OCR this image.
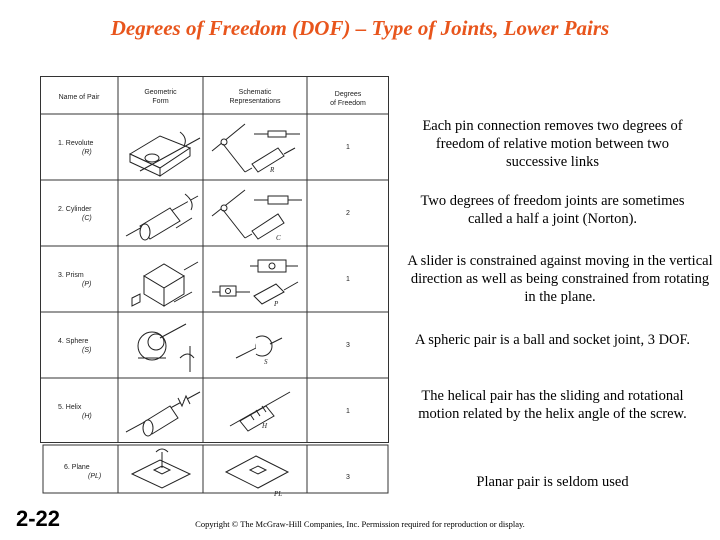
Degrees of Freedom (DOF) – Type of Joints, Lower Pairs
Name of Pair
Geometric
Form
Schematic
Representations
Degrees
of Freedom
1. Revolute
(R)
2. Cylinder
(C)
3. Prism
(P)
4. Sphere
(S)
5. Helix
(H)
6. Plane
(PL)
1
2
1
3
1
3
R
C
P
S
H
PL
Each pin connection removes two degrees of freedom of relative motion between two successive links
Two degrees of freedom joints are sometimes called a half a joint (Norton).
A slider is constrained against moving in the vertical direction as well as being constrained from rotating in the plane.
A spheric pair is a ball and socket joint, 3 DOF.
The helical pair has the sliding and rotational motion related by the helix angle of the screw.
Planar pair is seldom used
2-22	Copyright © The McGraw-Hill Companies, Inc. Permission required for reproduction or display.
